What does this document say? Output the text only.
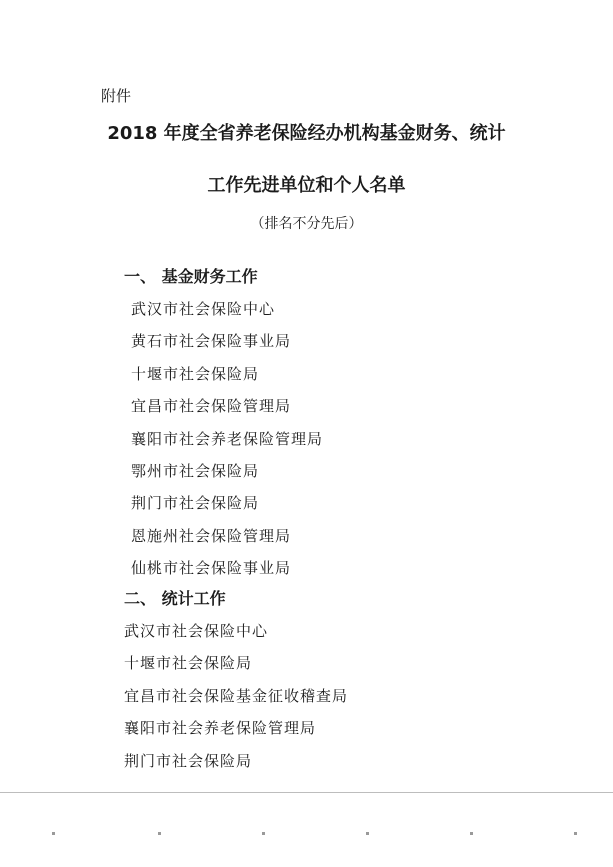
附件
2018 年度全省养老保险经办机构基金财务、统计
工作先进单位和个人名单
（排名不分先后）
一、 基金财务工作
武汉市社会保险中心
黄石市社会保险事业局
十堰市社会保险局
宜昌市社会保险管理局
襄阳市社会养老保险管理局
鄂州市社会保险局
荆门市社会保险局
恩施州社会保险管理局
仙桃市社会保险事业局
二、 统计工作
武汉市社会保险中心
十堰市社会保险局
宜昌市社会保险基金征收稽查局
襄阳市社会养老保险管理局
荆门市社会保险局
